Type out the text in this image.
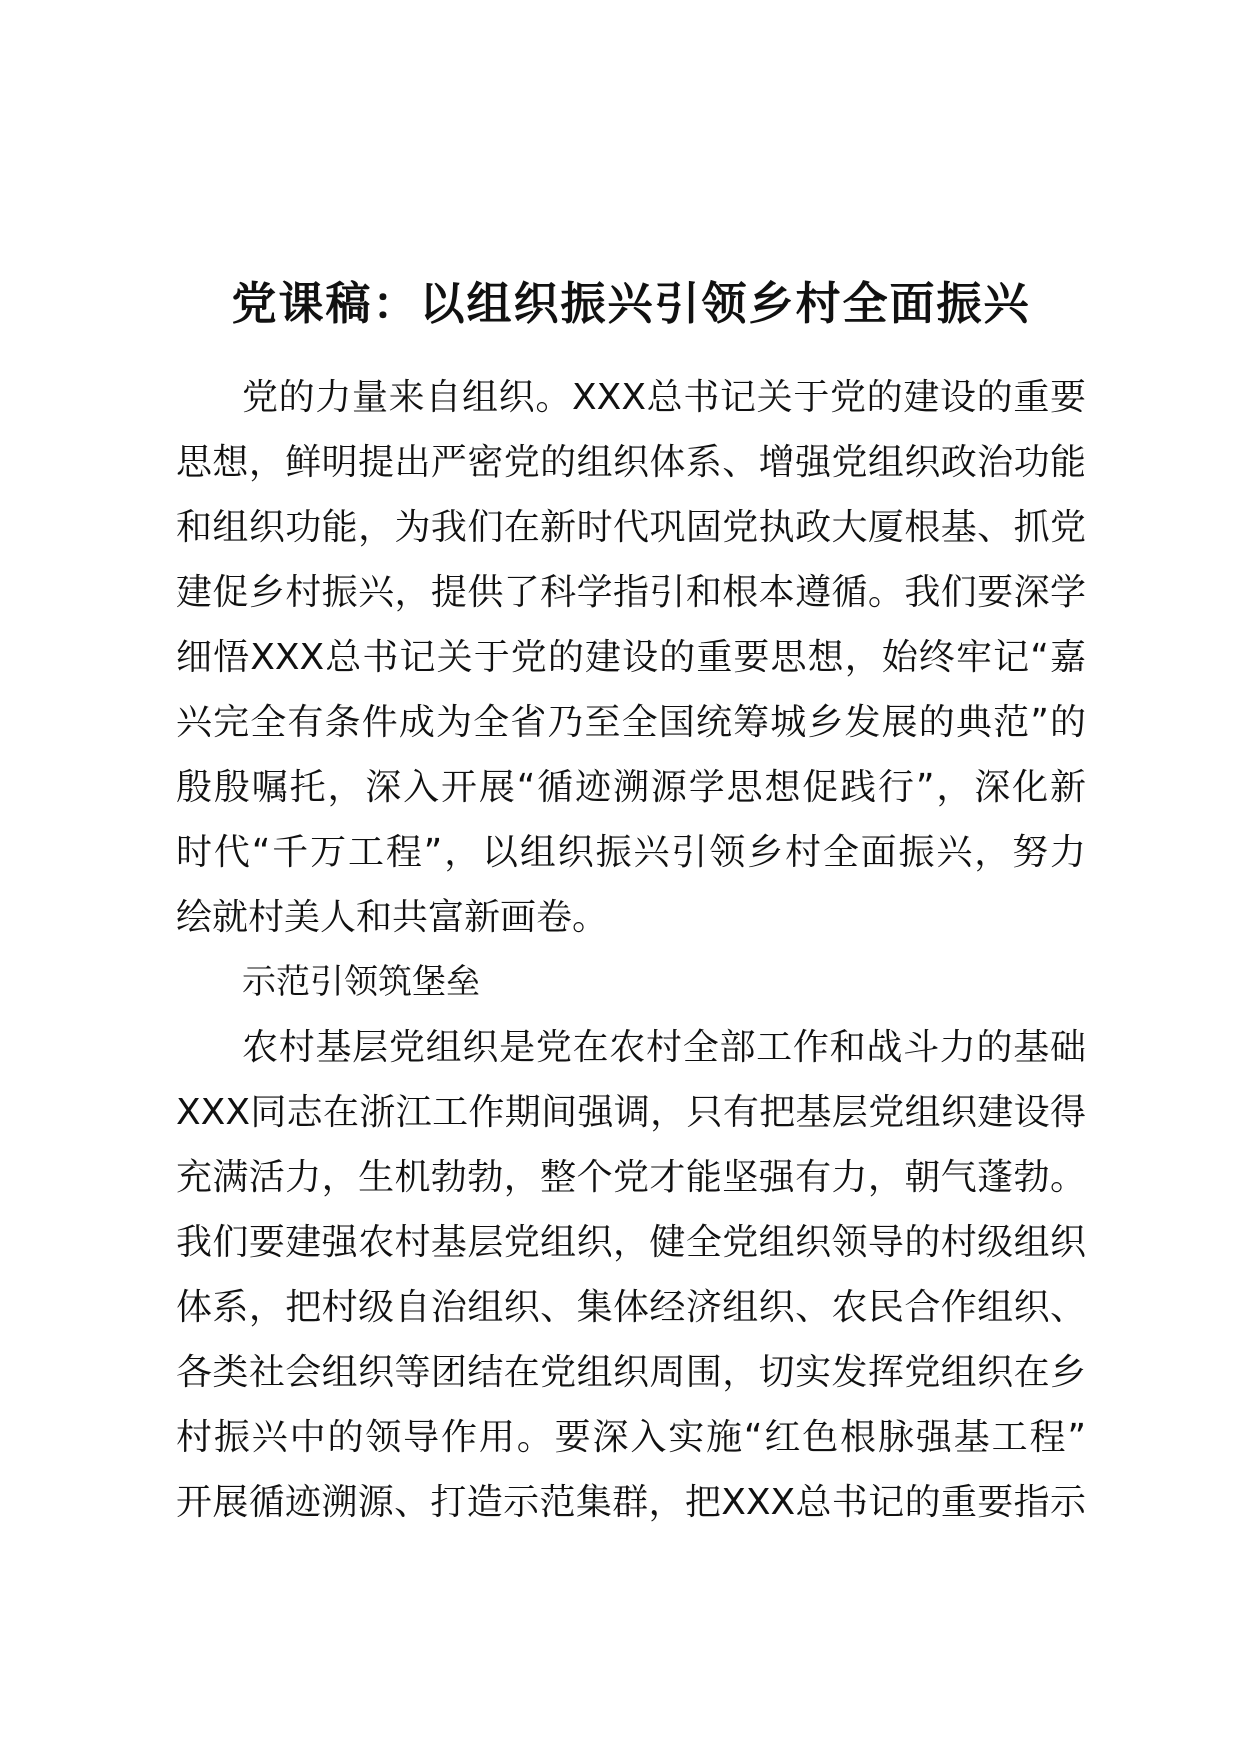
党课稿：以组织振兴引领乡村全面振兴
党的力量来自组织。XXX总书记关于党的建设的重要
思想，鲜明提出严密党的组织体系、增强党组织政治功能
和组织功能，为我们在新时代巩固党执政大厦根基、抓党
建促乡村振兴，提供了科学指引和根本遵循。我们要深学
细悟XXX总书记关于党的建设的重要思想，始终牢记“嘉
兴完全有条件成为全省乃至全国统筹城乡发展的典范”的
殷殷嘱托，深入开展“循迹溯源学思想促践行”，深化新
时代“千万工程”，以组织振兴引领乡村全面振兴，努力
绘就村美人和共富新画卷。
示范引领筑堡垒
农村基层党组织是党在农村全部工作和战斗力的基础
XXX同志在浙江工作期间强调，只有把基层党组织建设得
充满活力，生机勃勃，整个党才能坚强有力，朝气蓬勃。
我们要建强农村基层党组织，健全党组织领导的村级组织
体系，把村级自治组织、集体经济组织、农民合作组织、
各类社会组织等团结在党组织周围，切实发挥党组织在乡
村振兴中的领导作用。要深入实施“红色根脉强基工程”
开展循迹溯源、打造示范集群，把XXX总书记的重要指示
